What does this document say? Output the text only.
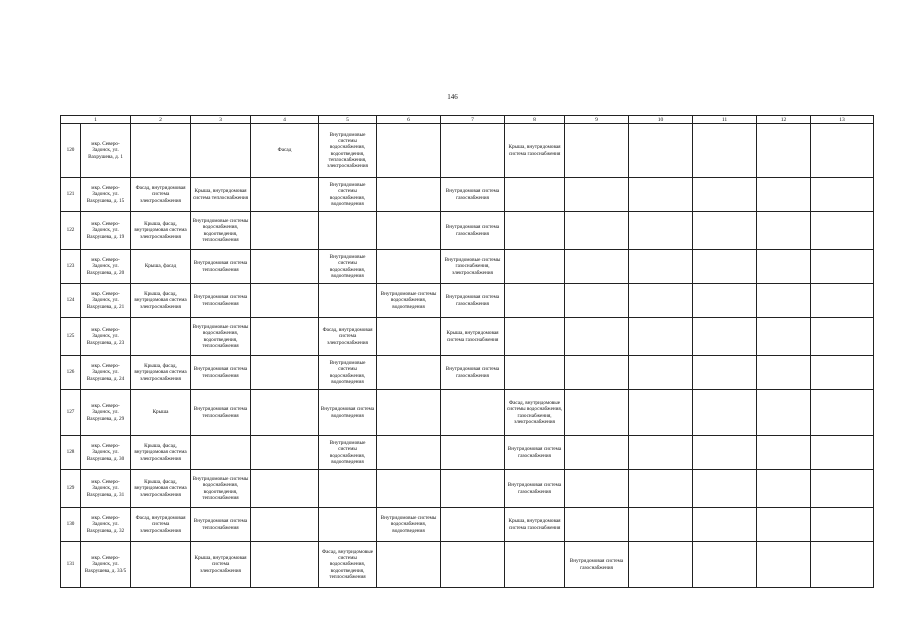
146
1		2	3	4	5	6	7	8	9	10	11	12	13
120	мкр. Северо-Задонск, ул. Вахрушева, д. 1			Фасад	Внутридомовые системы водоснабжения, водоотведения, теплоснабжения, электроснабжения			Крыша, внутридомовая система газоснабжения					
121	мкр. Северо-Задонск, ул. Вахрушева, д. 15	Фасад, внутридомовая система электроснабжения	Крыша, внутридомовая система теплоснабжения		Внутридомовые системы водоснабжения, водоотведения		Внутридомовая система газоснабжения						
122	мкр. Северо-Задонск, ул. Вахрушева, д. 19	Крыша, фасад, внутридомовая система электроснабжения	Внутридомовые системы водоснабжения, водоотведения, теплоснабжения				Внутридомовая система газоснабжения						
123	мкр. Северо-Задонск, ул. Вахрушева, д. 20	Крыша, фасад	Внутридомовая система теплоснабжения		Внутридомовые системы водоснабжения, водоотведения		Внутридомовые системы газоснабжения, электроснабжения						
124	мкр. Северо-Задонск, ул. Вахрушева, д. 21	Крыша, фасад, внутридомовая система электроснабжения	Внутридомовая система теплоснабжения			Внутридомовые системы водоснабжения, водоотведения	Внутридомовая система газоснабжения						
125	мкр. Северо-Задонск, ул. Вахрушева, д. 23		Внутридомовые системы водоснабжения, водоотведения, теплоснабжения		Фасад, внутридомовая система электроснабжения		Крыша, внутридомовая система газоснабжения						
126	мкр. Северо-Задонск, ул. Вахрушева, д. 24	Крыша, фасад, внутридомовая система электроснабжения	Внутридомовая система теплоснабжения		Внутридомовые системы водоснабжения, водоотведения		Внутридомовая система газоснабжения						
127	мкр. Северо-Задонск, ул. Вахрушева, д. 29	Крыша	Внутридомовая система теплоснабжения		Внутридомовая система водоотведения			Фасад, внутридомовые системы водоснабжения, газоснабжения, электроснабжения					
128	мкр. Северо-Задонск, ул. Вахрушева, д. 30	Крыша, фасад, внутридомовая система электроснабжения			Внутридомовые системы водоснабжения, водоотведения			Внутридомовая система газоснабжения					
129	мкр. Северо-Задонск, ул. Вахрушева, д. 31	Крыша, фасад, внутридомовая система электроснабжения	Внутридомовые системы водоснабжения, водоотведения, теплоснабжения					Внутридомовая система газоснабжения					
130	мкр. Северо-Задонск, ул. Вахрушева, д. 32	Фасад, внутридомовая система электроснабжения	Внутридомовая система теплоснабжения			Внутридомовые системы водоснабжения, водоотведения		Крыша, внутридомовая система газоснабжения					
131	мкр. Северо-Задонск, ул. Вахрушева, д. 33/5		Крыша, внутридомовая система электроснабжения		Фасад, внутридомовые системы водоснабжения, водоотведения, теплоснабжения				Внутридомовая система газоснабжения				
